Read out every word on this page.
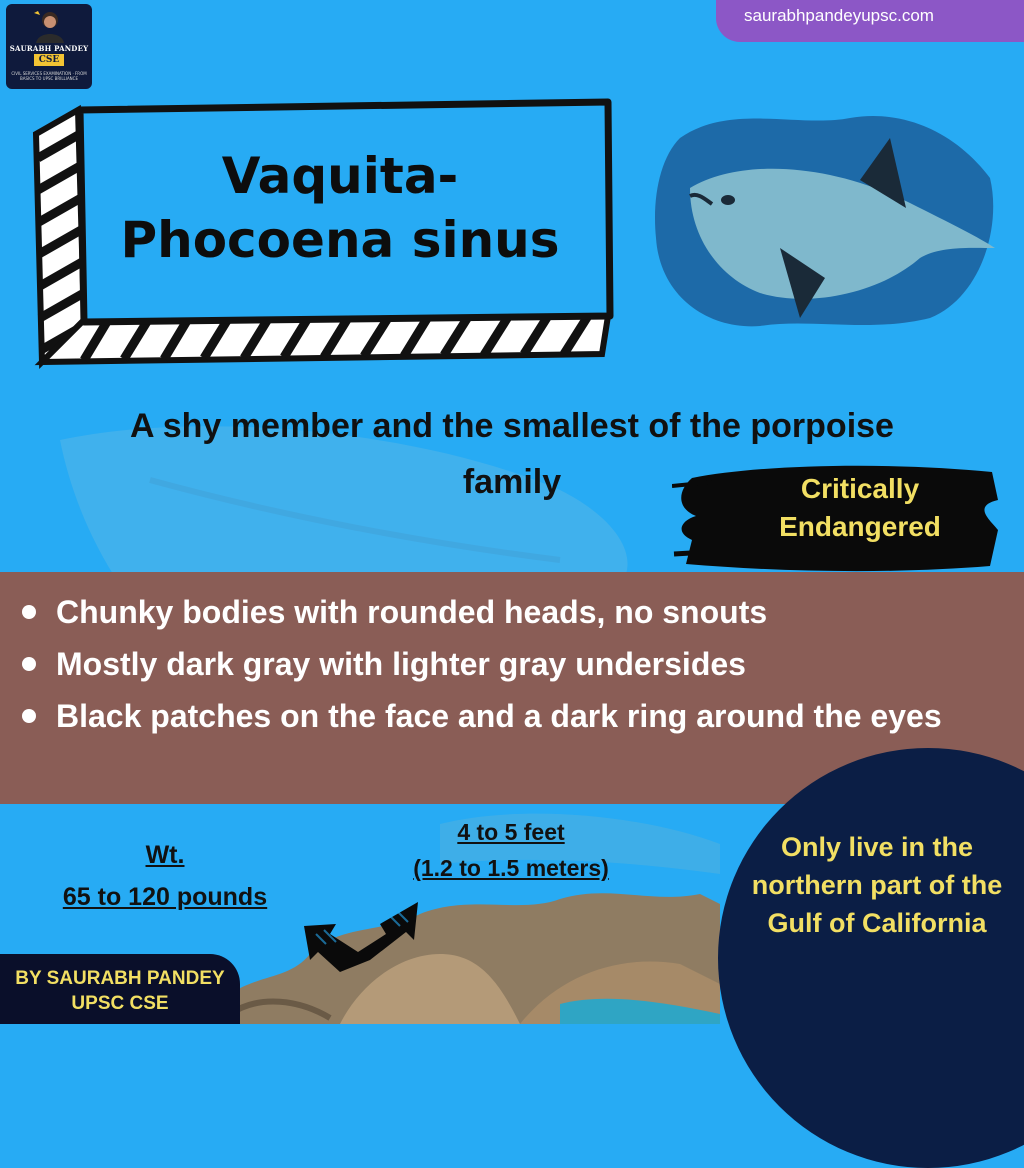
SAURABH PANDEY
CSE
CIVIL SERVICES EXAMINATION · FROM BASICS TO UPSC BRILLIANCE
saurabhpandeyupsc.com
Vaquita-
Phocoena sinus
A shy member and the smallest of the porpoise
family	Critically
Endangered
Chunky bodies with rounded heads, no snouts
Mostly dark gray with lighter gray undersides
Black patches on the face and a dark ring around the eyes
Wt.
65 to 120 pounds
4 to 5 feet
(1.2 to 1.5 meters)
Only live in the
northern part of the
Gulf of California
BY SAURABH PANDEY
UPSC CSE
